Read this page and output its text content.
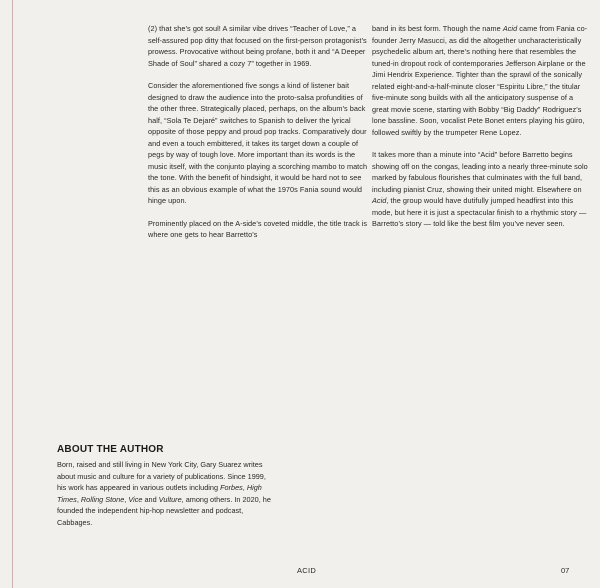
(2) that she’s got soul! A similar vibe drives “Teacher of Love,” a self-assured pop ditty that focused on the first-person protagonist’s prowess. Provocative without being profane, both it and “A Deeper Shade of Soul” shared a cozy 7” together in 1969.

Consider the aforementioned five songs a kind of listener bait designed to draw the audience into the proto-salsa profundities of the other three. Strategically placed, perhaps, on the album’s back half, “Sola Te Dejaré” switches to Spanish to deliver the lyrical opposite of those peppy and proud pop tracks. Comparatively dour and even a touch embittered, it takes its target down a couple of pegs by way of tough love. More important than its words is the music itself, with the conjunto playing a scorching mambo to match the tone. With the benefit of hindsight, it would be hard not to see this as an obvious example of what the 1970s Fania sound would hinge upon.

Prominently placed on the A-side’s coveted middle, the title track is where one gets to hear Barretto’s

band in its best form. Though the name Acid came from Fania co-founder Jerry Masucci, as did the altogether uncharacteristically psychedelic album art, there’s nothing here that resembles the tuned-in dropout rock of contemporaries Jefferson Airplane or the Jimi Hendrix Experience. Tighter than the sprawl of the sonically related eight-and-a-half-minute closer “Espiritu Libre,” the titular five-minute song builds with all the anticipatory suspense of a great movie scene, starting with Bobby “Big Daddy” Rodriguez’s lone bassline. Soon, vocalist Pete Bonet enters playing his güiro, followed swiftly by the trumpeter Rene Lopez.

It takes more than a minute into “Acid” before Barretto begins showing off on the congas, leading into a nearly three-minute solo marked by fabulous flourishes that culminates with the full band, including pianist Cruz, showing their united might. Elsewhere on Acid, the group would have dutifully jumped headfirst into this mode, but here it is just a spectacular finish to a rhythmic story — Barretto’s story — told like the best film you’ve never seen.

ABOUT THE AUTHOR

Born, raised and still living in New York City, Gary Suarez writes about music and culture for a variety of publications. Since 1999, his work has appeared in various outlets including Forbes, High Times, Rolling Stone, Vice and Vulture, among others. In 2020, he founded the independent hip-hop newsletter and podcast, Cabbages.

ACID	07
